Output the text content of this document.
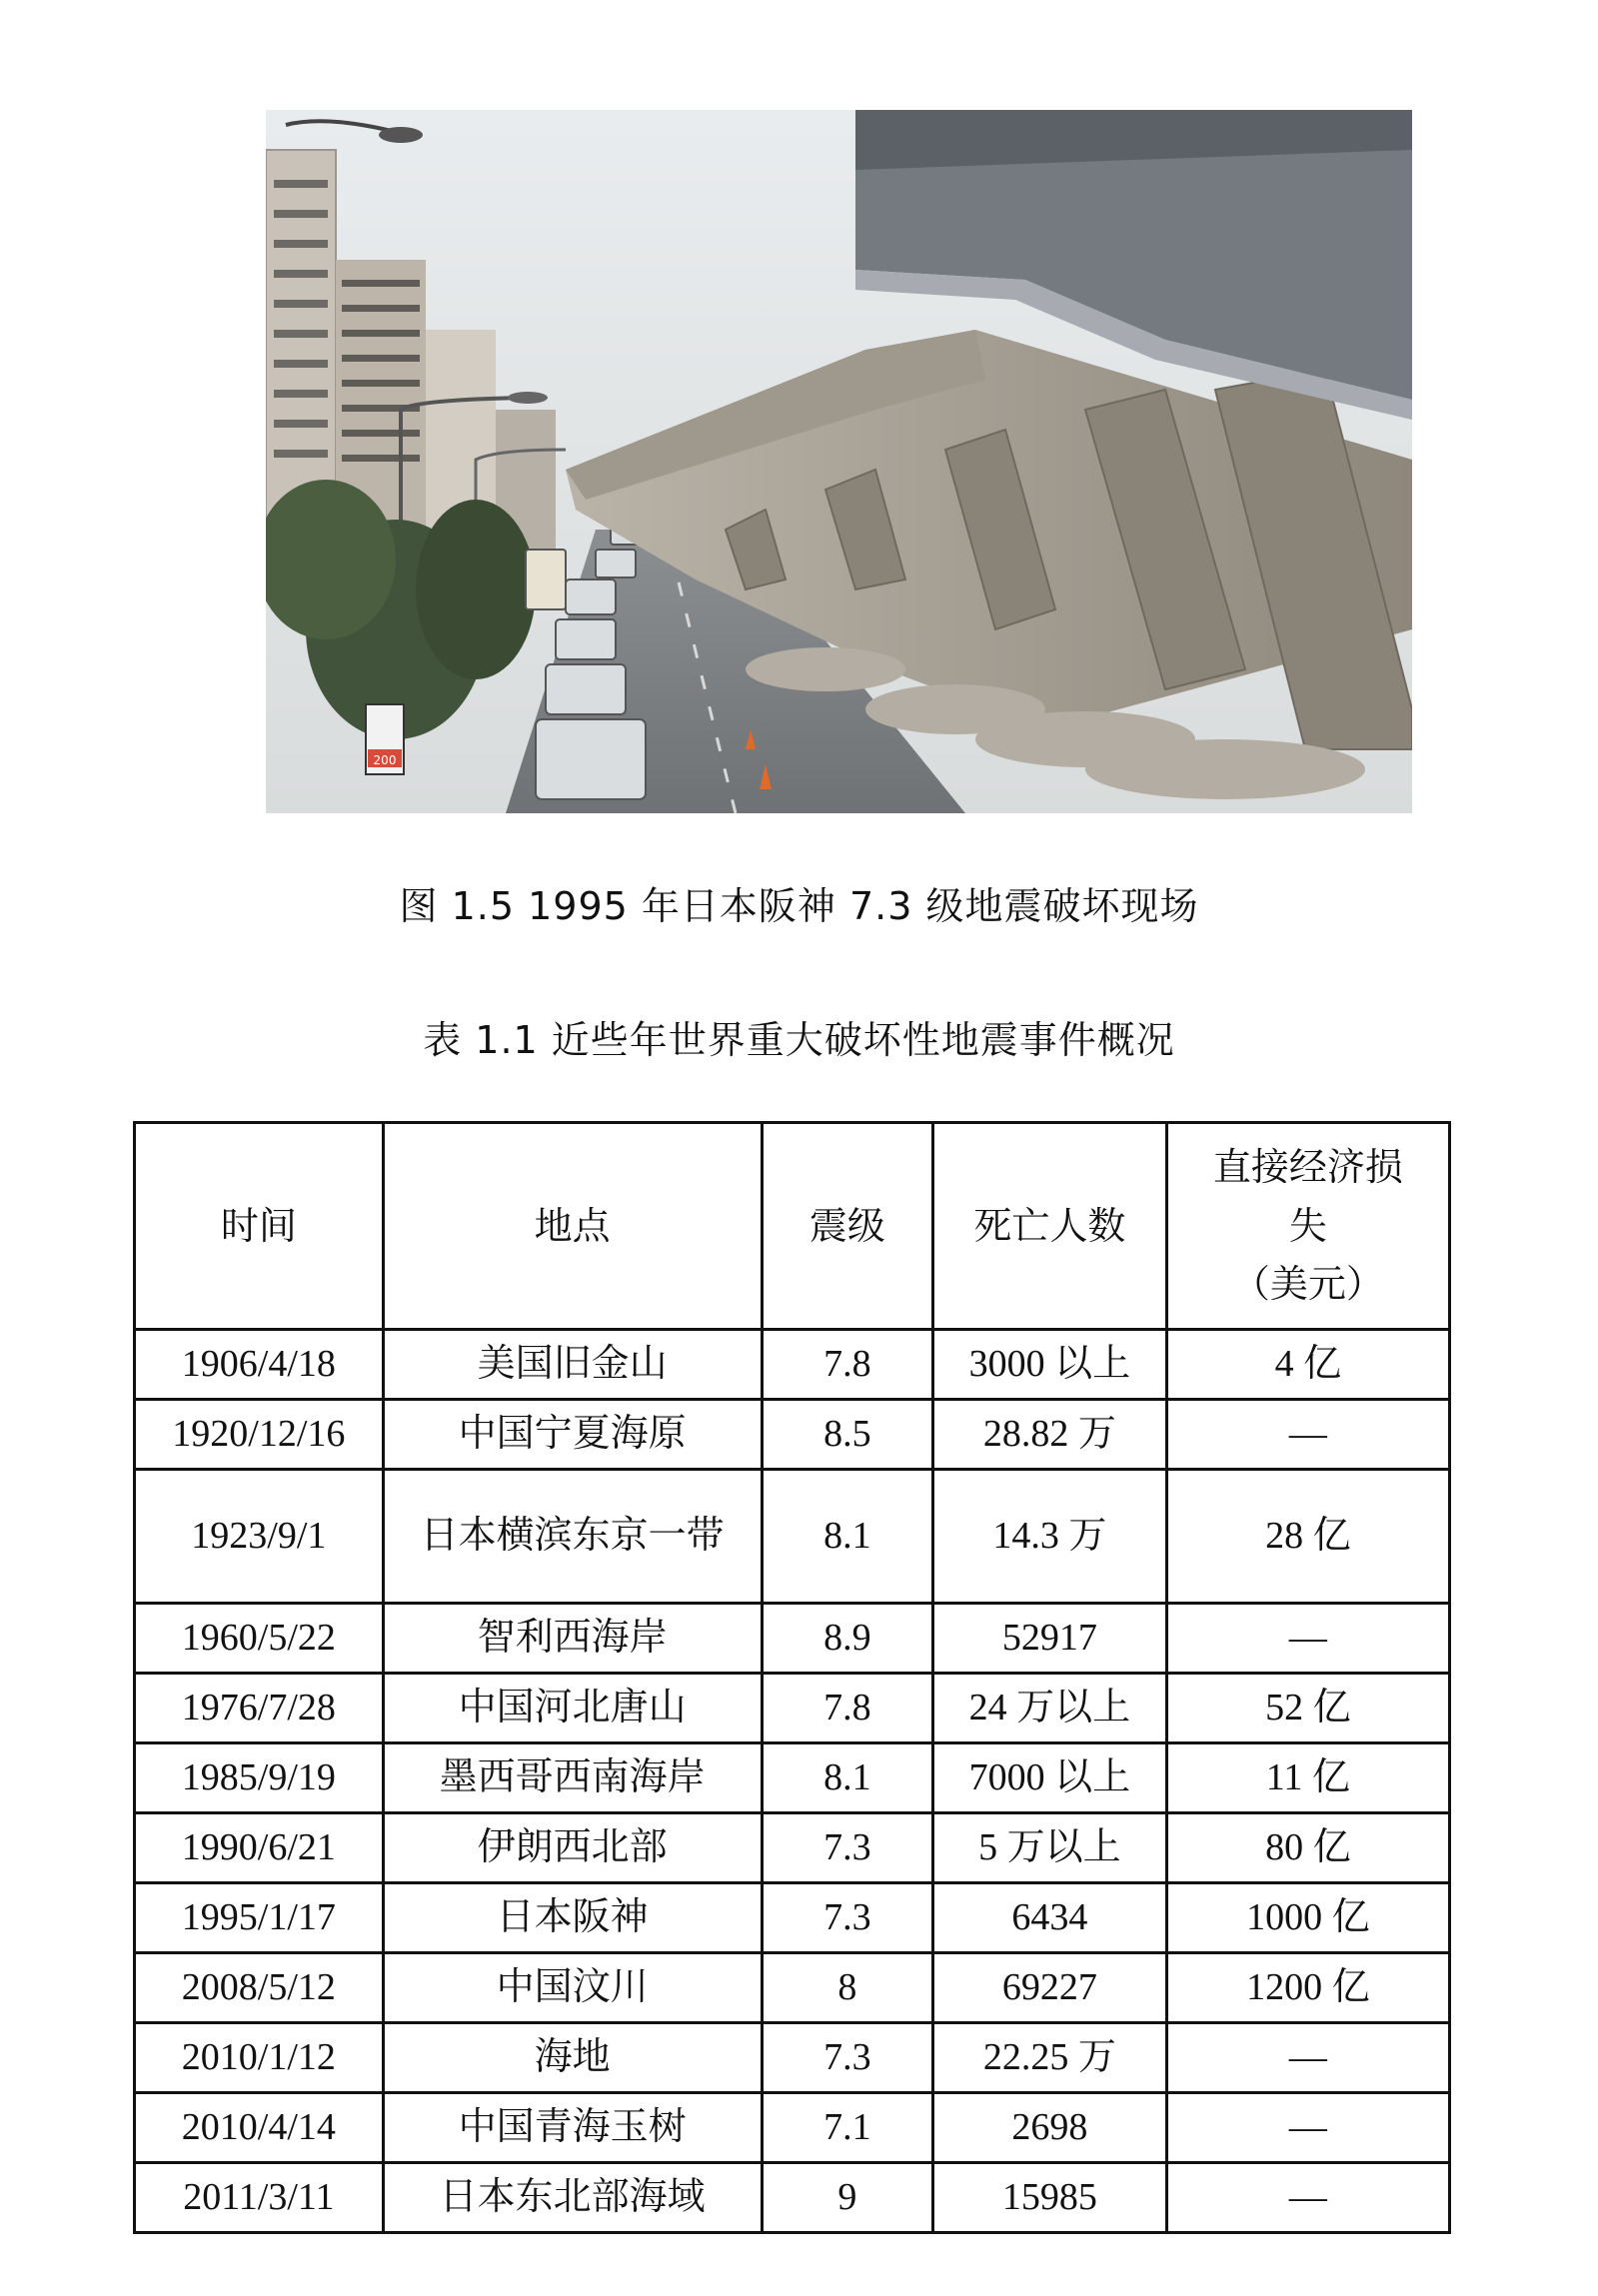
200
图 1.5 1995 年日本阪神 7.3 级地震破坏现场
表 1.1 近些年世界重大破坏性地震事件概况
时间	地点	震级	死亡人数	直接经济损
失
（美元）

1906/4/18	美国旧金山	7.8	3000 以上	4 亿
1920/12/16	中国宁夏海原	8.5	28.82 万	—
1923/9/1	日本横滨东京一带	8.1	14.3 万	28 亿
1960/5/22	智利西海岸	8.9	52917	—
1976/7/28	中国河北唐山	7.8	24 万以上	52 亿
1985/9/19	墨西哥西南海岸	8.1	7000 以上	11 亿
1990/6/21	伊朗西北部	7.3	5 万以上	80 亿
1995/1/17	日本阪神	7.3	6434	1000 亿
2008/5/12	中国汶川	8	69227	1200 亿
2010/1/12	海地	7.3	22.25 万	—
2010/4/14	中国青海玉树	7.1	2698	—
2011/3/11	日本东北部海域	9	15985	—
